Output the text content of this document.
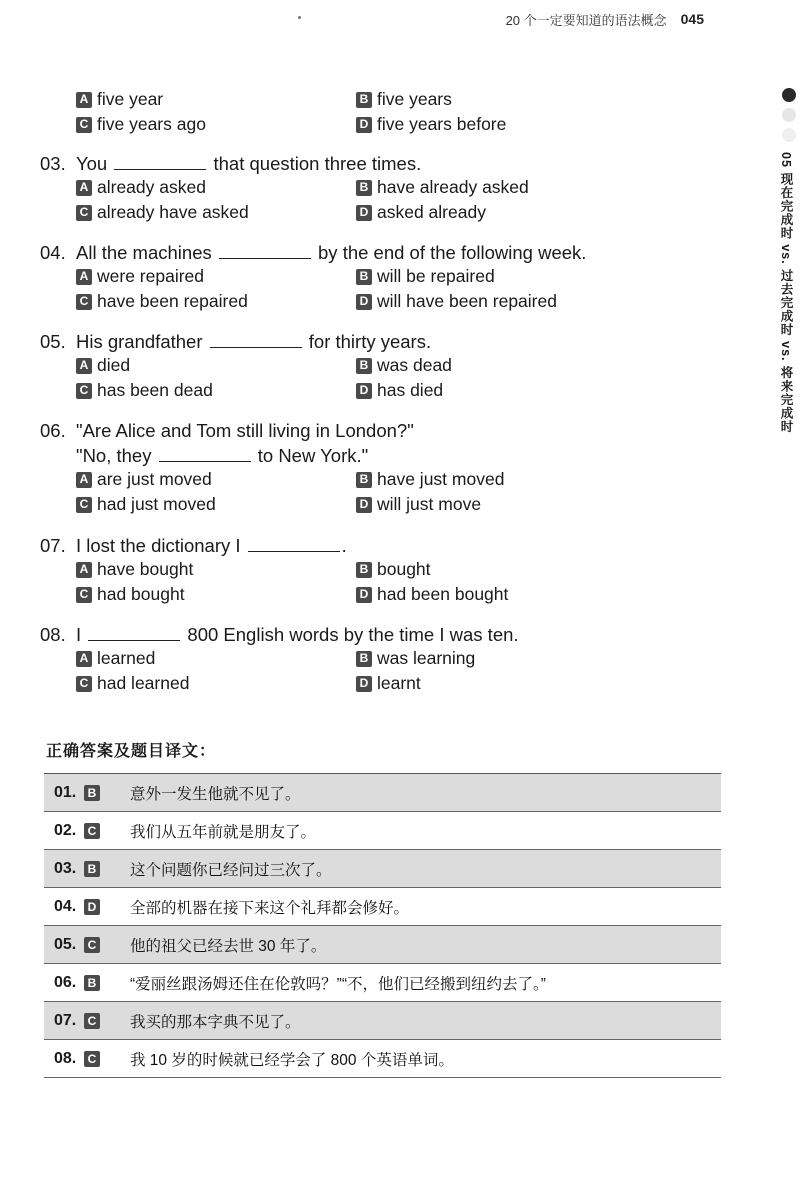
20 个一定要知道的语法概念 045
05 现在完成时 vs. 过去完成时 vs. 将来完成时
A five year	B five years
C five years ago	D five years before
03. You	that question three times.
A already asked	B have already asked
C already have asked	D asked already
04. All the machines	by the end of the following week.
A were repaired	B will be repaired
C have been repaired	D will have been repaired
05. His grandfather	for thirty years.
A died	B was dead
C has been dead	D has died
06. "Are Alice and Tom still living in London?"
"No, they	to New York."
A are just moved	B have just moved
C had just moved	D will just move
07. I lost the dictionary I	.
A have bought	B bought
C had bought	D had been bought
08. I	800 English words by the time I was ten.
A learned	B was learning
C had learned	D learnt
正确答案及题目译文：
01. B 意外一发生他就不见了。
02. C 我们从五年前就是朋友了。
03. B 这个问题你已经问过三次了。
04. D 全部的机器在接下来这个礼拜都会修好。
05. C 他的祖父已经去世 30 年了。
06. B “爱丽丝跟汤姆还住在伦敦吗？”“不，他们已经搬到纽约去了。”
07. C 我买的那本字典不见了。
08. C 我 10 岁的时候就已经学会了 800 个英语单词。
